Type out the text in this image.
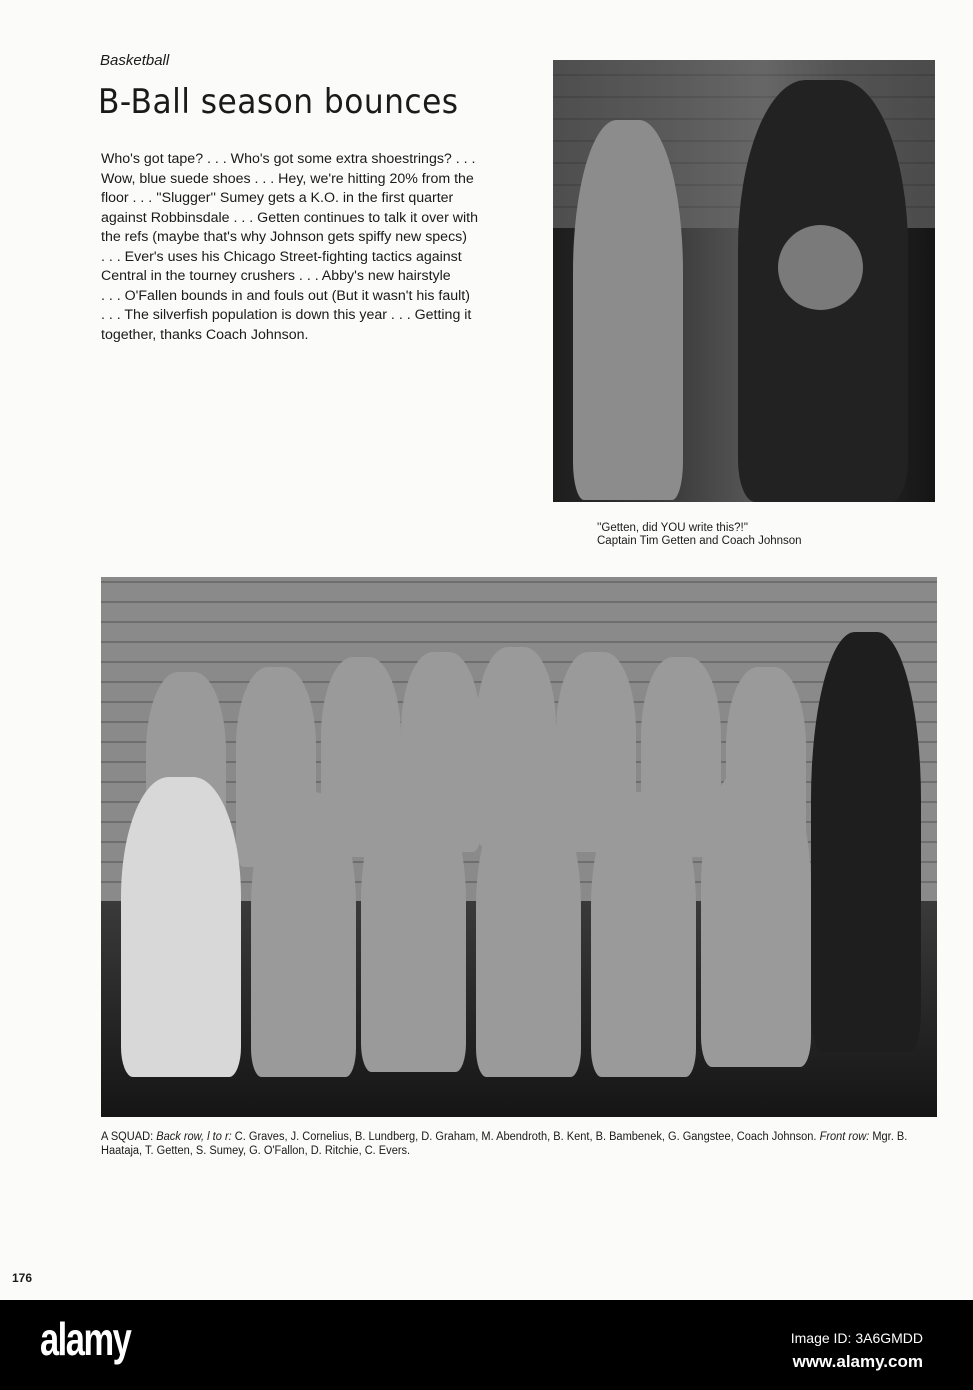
Basketball
B-Ball season bounces
Who's got tape? . . . Who's got some extra shoestrings? . . .
Wow, blue suede shoes . . . Hey, we're hitting 20% from the
floor . . . ''Slugger'' Sumey gets a K.O. in the first quarter
against Robbinsdale . . . Getten continues to talk it over with
the refs (maybe that's why Johnson gets spiffy new specs)
. . . Ever's uses his Chicago Street-fighting tactics against
Central in the tourney crushers . . . Abby's new hairstyle
. . . O'Fallen bounds in and fouls out (But it wasn't his fault)
. . . The silverfish population is down this year . . . Getting it
together, thanks Coach Johnson.
''Getten, did YOU write this?!''
Captain Tim Getten and Coach Johnson
A SQUAD: Back row, l to r: C. Graves, J. Cornelius, B. Lundberg, D. Graham, M. Abendroth, B. Kent, B. Bambenek, G. Gangstee, Coach Johnson. Front row: Mgr. B. Haataja, T. Getten, S. Sumey, G. O'Fallon, D. Ritchie, C. Evers.
176
alamy	Image ID: 3A6GMDD
www.alamy.com
